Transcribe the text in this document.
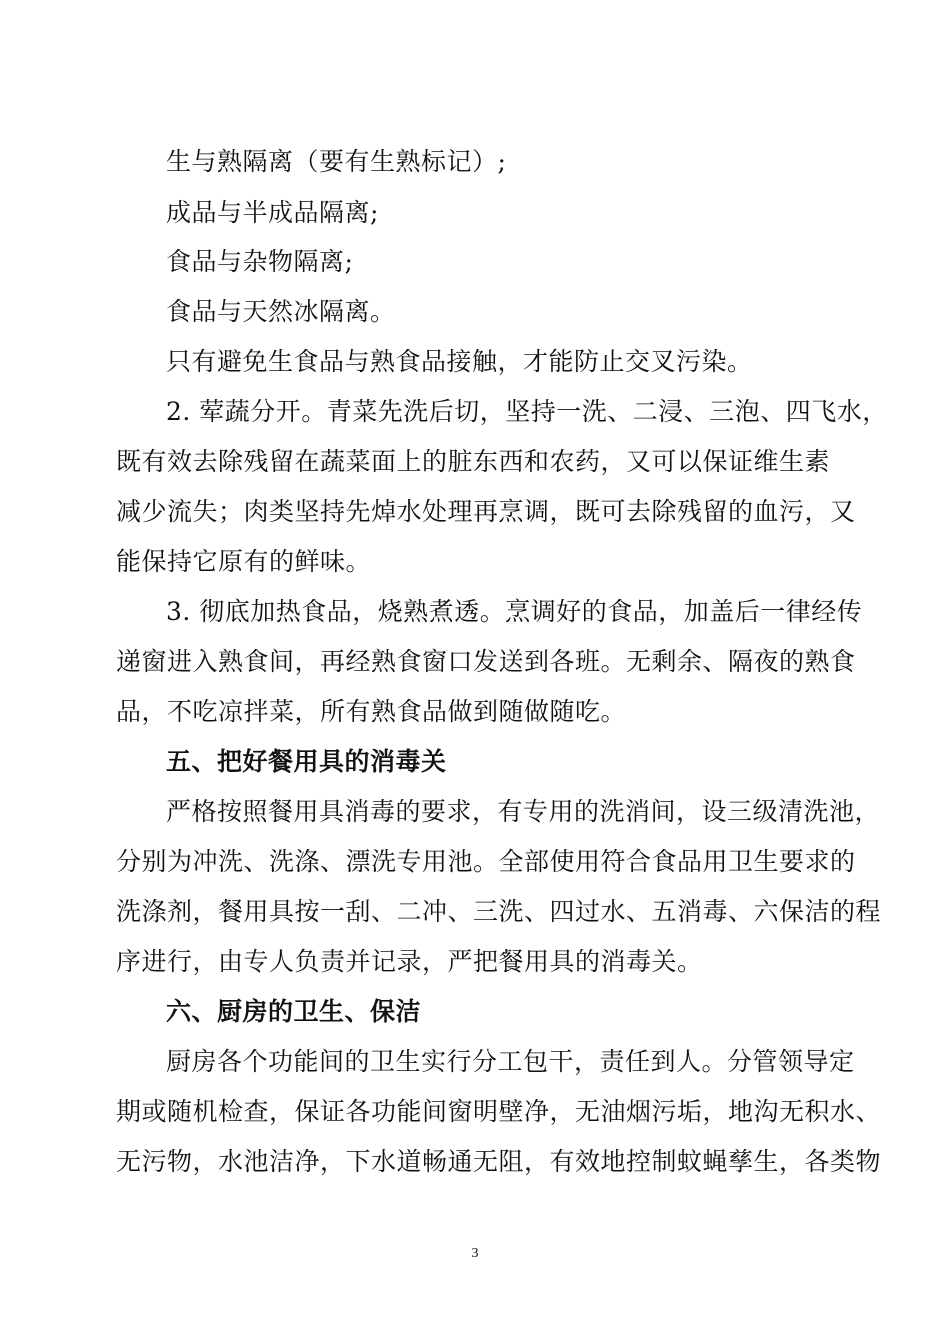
生与熟隔离（要有生熟标记）;
成品与半成品隔离;
食品与杂物隔离;
食品与天然冰隔离。
只有避免生食品与熟食品接触，才能防止交叉污染。
2. 荤蔬分开。青菜先洗后切，坚持一洗、二浸、三泡、四飞水，
既有效去除残留在蔬菜面上的脏东西和农药，又可以保证维生素
减少流失；肉类坚持先焯水处理再烹调，既可去除残留的血污，又
能保持它原有的鲜味。
3. 彻底加热食品，烧熟煮透。烹调好的食品，加盖后一律经传
递窗进入熟食间，再经熟食窗口发送到各班。无剩余、隔夜的熟食
品，不吃凉拌菜，所有熟食品做到随做随吃。
五、把好餐用具的消毒关
严格按照餐用具消毒的要求，有专用的洗消间，设三级清洗池，
分别为冲洗、洗涤、漂洗专用池。全部使用符合食品用卫生要求的
洗涤剂，餐用具按一刮、二冲、三洗、四过水、五消毒、六保洁的程
序进行，由专人负责并记录，严把餐用具的消毒关。
六、厨房的卫生、保洁
厨房各个功能间的卫生实行分工包干，责任到人。分管领导定
期或随机检查，保证各功能间窗明壁净，无油烟污垢，地沟无积水、
无污物，水池洁净，下水道畅通无阻，有效地控制蚊蝇孳生，各类物
3
